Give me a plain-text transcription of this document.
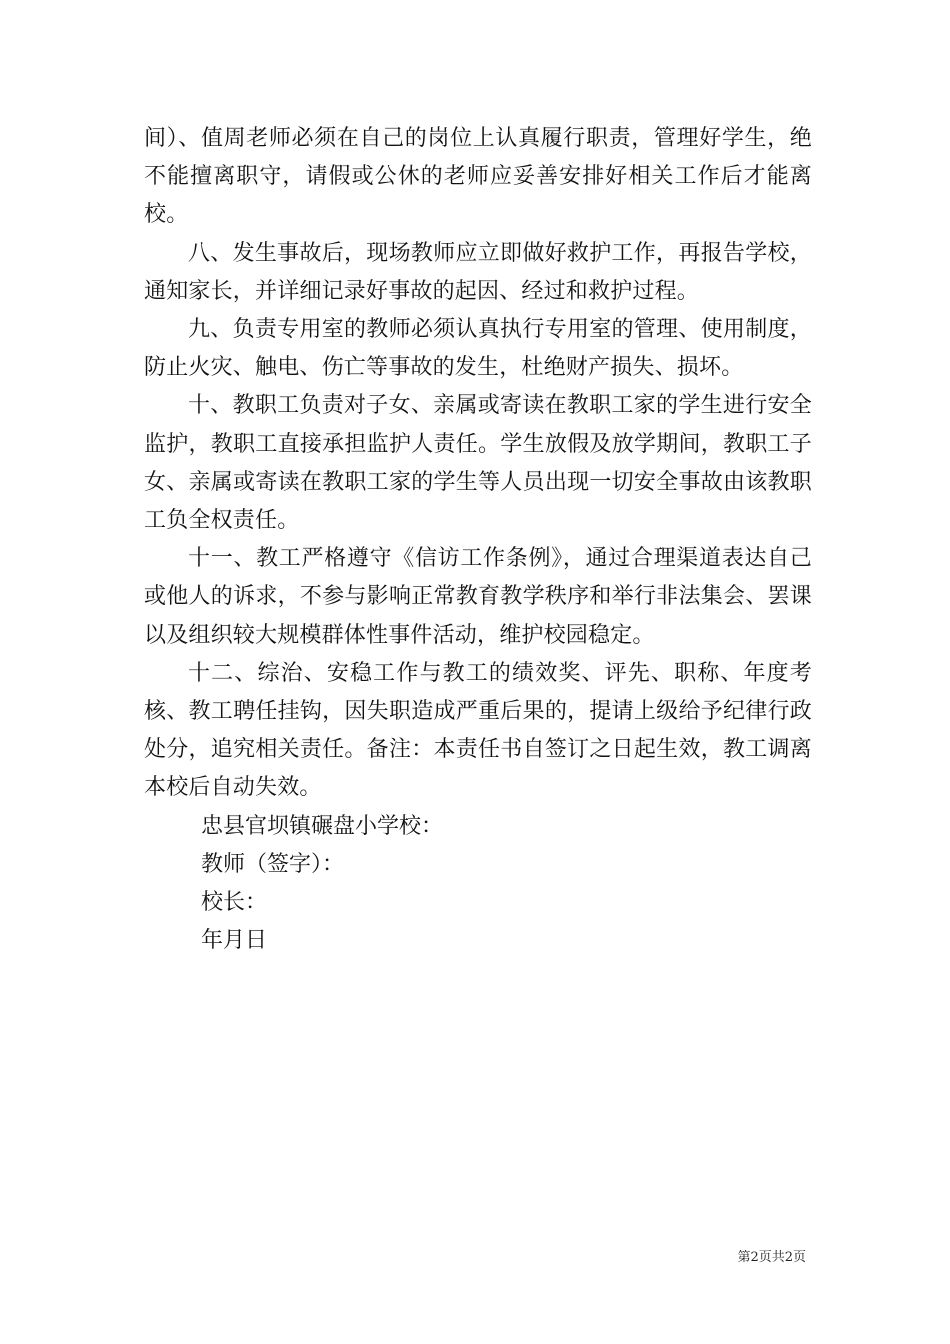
间）、值周老师必须在自己的岗位上认真履行职责，管理好学生，绝不能擅离职守，请假或公休的老师应妥善安排好相关工作后才能离校。

八、发生事故后，现场教师应立即做好救护工作，再报告学校，通知家长，并详细记录好事故的起因、经过和救护过程。

九、负责专用室的教师必须认真执行专用室的管理、使用制度，防止火灾、触电、伤亡等事故的发生，杜绝财产损失、损坏。

十、教职工负责对子女、亲属或寄读在教职工家的学生进行安全监护，教职工直接承担监护人责任。学生放假及放学期间，教职工子女、亲属或寄读在教职工家的学生等人员出现一切安全事故由该教职工负全权责任。

十一、教工严格遵守《信访工作条例》，通过合理渠道表达自己或他人的诉求，不参与影响正常教育教学秩序和举行非法集会、罢课以及组织较大规模群体性事件活动，维护校园稳定。

十二、综治、安稳工作与教工的绩效奖、评先、职称、年度考核、教工聘任挂钩，因失职造成严重后果的，提请上级给予纪律行政处分，追究相关责任。备注：本责任书自签订之日起生效，教工调离本校后自动失效。

忠县官坝镇碾盘小学校：

教师（签字）：

校长：

年月日

第2页共2页
